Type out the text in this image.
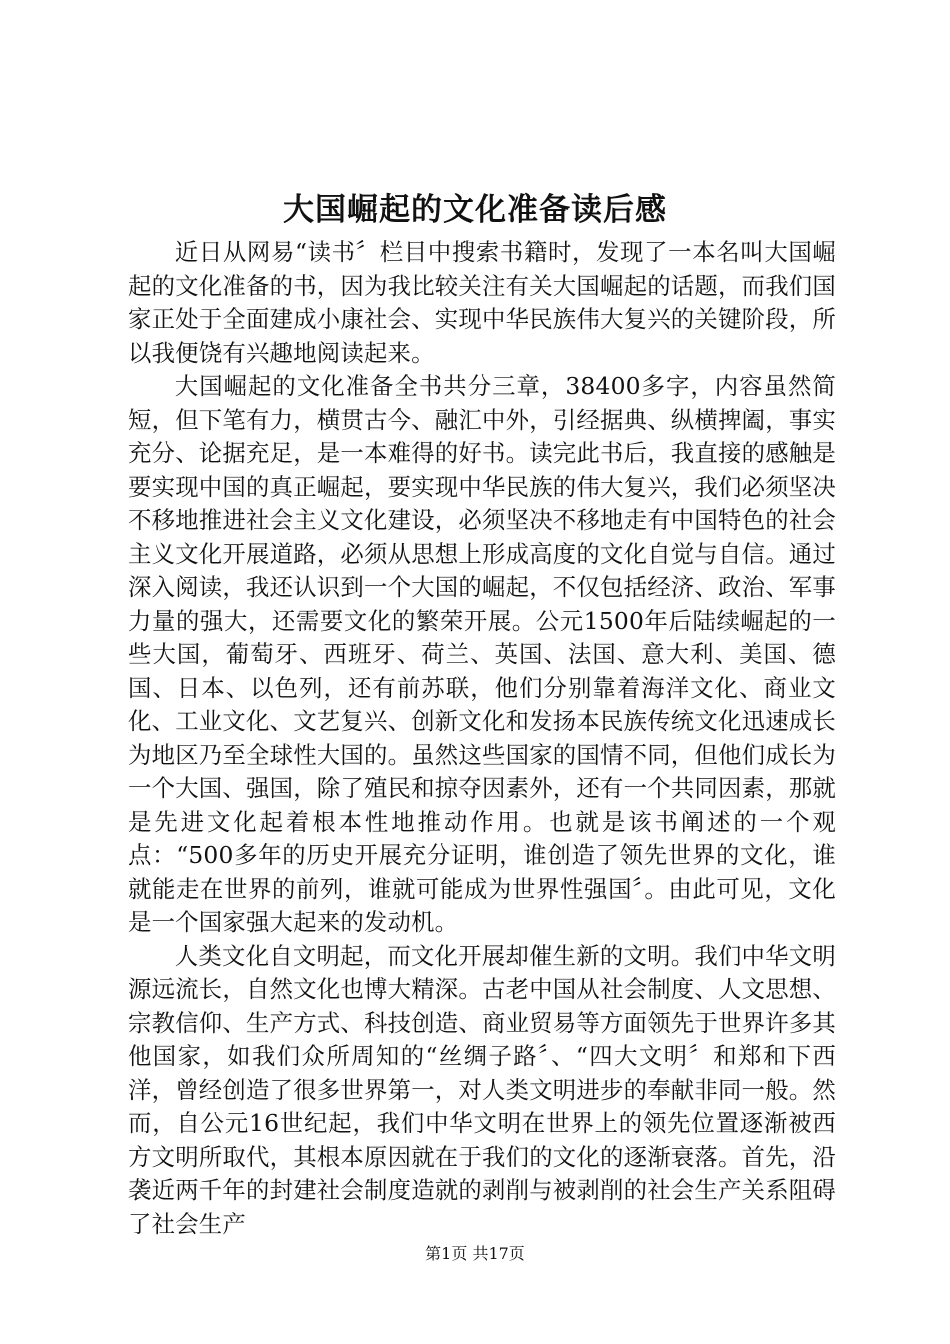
大国崛起的文化准备读后感

近日从网易“读书〞栏目中搜索书籍时，发现了一本名叫大国崛起的文化准备的书，因为我比较关注有关大国崛起的话题，而我们国家正处于全面建成小康社会、实现中华民族伟大复兴的关键阶段，所以我便饶有兴趣地阅读起来。

大国崛起的文化准备全书共分三章，38400多字，内容虽然简短，但下笔有力，横贯古今、融汇中外，引经据典、纵横捭阖，事实充分、论据充足，是一本难得的好书。读完此书后，我直接的感触是要实现中国的真正崛起，要实现中华民族的伟大复兴，我们必须坚决不移地推进社会主义文化建设，必须坚决不移地走有中国特色的社会主义文化开展道路，必须从思想上形成高度的文化自觉与自信。通过深入阅读，我还认识到一个大国的崛起，不仅包括经济、政治、军事力量的强大，还需要文化的繁荣开展。公元1500年后陆续崛起的一些大国，葡萄牙、西班牙、荷兰、英国、法国、意大利、美国、德国、日本、以色列，还有前苏联，他们分别靠着海洋文化、商业文化、工业文化、文艺复兴、创新文化和发扬本民族传统文化迅速成长为地区乃至全球性大国的。虽然这些国家的国情不同，但他们成长为一个大国、强国，除了殖民和掠夺因素外，还有一个共同因素，那就是先进文化起着根本性地推动作用。也就是该书阐述的一个观点：“500多年的历史开展充分证明，谁创造了领先世界的文化，谁就能走在世界的前列，谁就可能成为世界性强国〞。由此可见，文化是一个国家强大起来的发动机。

人类文化自文明起，而文化开展却催生新的文明。我们中华文明源远流长，自然文化也博大精深。古老中国从社会制度、人文思想、宗教信仰、生产方式、科技创造、商业贸易等方面领先于世界许多其他国家，如我们众所周知的“丝绸子路〞、“四大文明〞和郑和下西洋，曾经创造了很多世界第一，对人类文明进步的奉献非同一般。然而，自公元16世纪起，我们中华文明在世界上的领先位置逐渐被西方文明所取代，其根本原因就在于我们的文化的逐渐衰落。首先，沿袭近两千年的封建社会制度造就的剥削与被剥削的社会生产关系阻碍了社会生产

第1页 共17页
